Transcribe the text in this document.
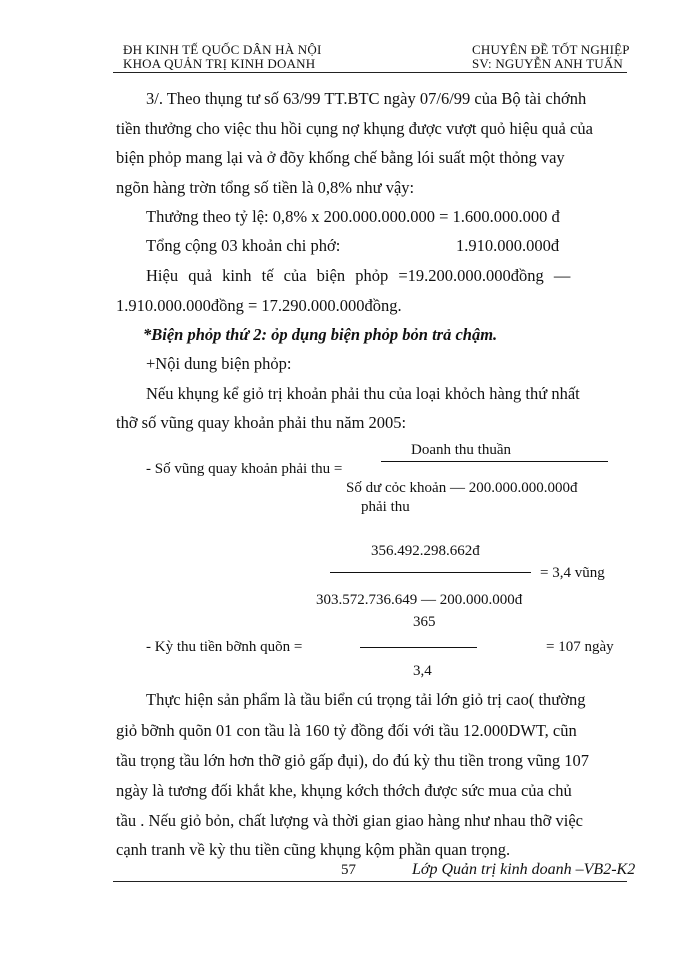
ĐH KINH TẾ QUỐC DÂN HÀ NỘI
KHOA QUẢN TRỊ KINH DOANH
CHUYÊN ĐỀ TỐT NGHIỆP
SV: NGUYỄN ANH TUẤN
3/. Theo thụng tư số 63/99 TT.BTC ngày 07/6/99 của Bộ tài chớnh
tiền thưởng cho việc thu hồi cụng nợ khụng được vượt quỏ hiệu quả của
biện phỏp mang lại và ở đõy khống chế bằng lói suất một thỏng vay
ngõn hàng trờn tổng số tiền là 0,8% như vậy:
Thưởng theo tỷ lệ: 0,8% x 200.000.000.000 = 1.600.000.000 đ
Tổng cộng 03 khoản chi phớ:	1.910.000.000đ
Hiệu quả kinh tế của biện phỏp =19.200.000.000đồng —
1.910.000.000đồng = 17.290.000.000đồng.
*Biện phỏp thứ 2: ỏp dụng biện phỏp bỏn trả chậm.
+Nội dung biện phỏp:
Nếu khụng kể giỏ trị khoản phải thu của loại khỏch hàng thứ nhất
thỡ số vũng quay khoản phải thu năm 2005:
Doanh thu thuần
- Số vũng quay khoản phải thu =
Số dư cỏc khoản — 200.000.000.000đ
phải thu
356.492.298.662đ
= 3,4 vũng
303.572.736.649 — 200.000.000đ
365
- Kỳ thu tiền bỡnh quõn =	= 107 ngày
3,4
Thực hiện sản phẩm là tầu biển cú trọng tải lớn giỏ trị cao( thường
giỏ bỡnh quõn 01 con tầu là 160 tỷ đồng đối với tầu 12.000DWT, cũn
tầu trọng tầu lớn hơn thỡ giỏ gấp đụi), do đú kỳ thu tiền trong vũng 107
ngày là tương đối khắt khe, khụng kớch thớch được sức mua của chủ
tầu . Nếu giỏ bỏn, chất lượng và thời gian giao hàng như nhau thỡ việc
cạnh tranh về kỳ thu tiền cũng khụng kộm phần quan trọng.
57	Lớp Quản trị kinh doanh –VB2-K2
